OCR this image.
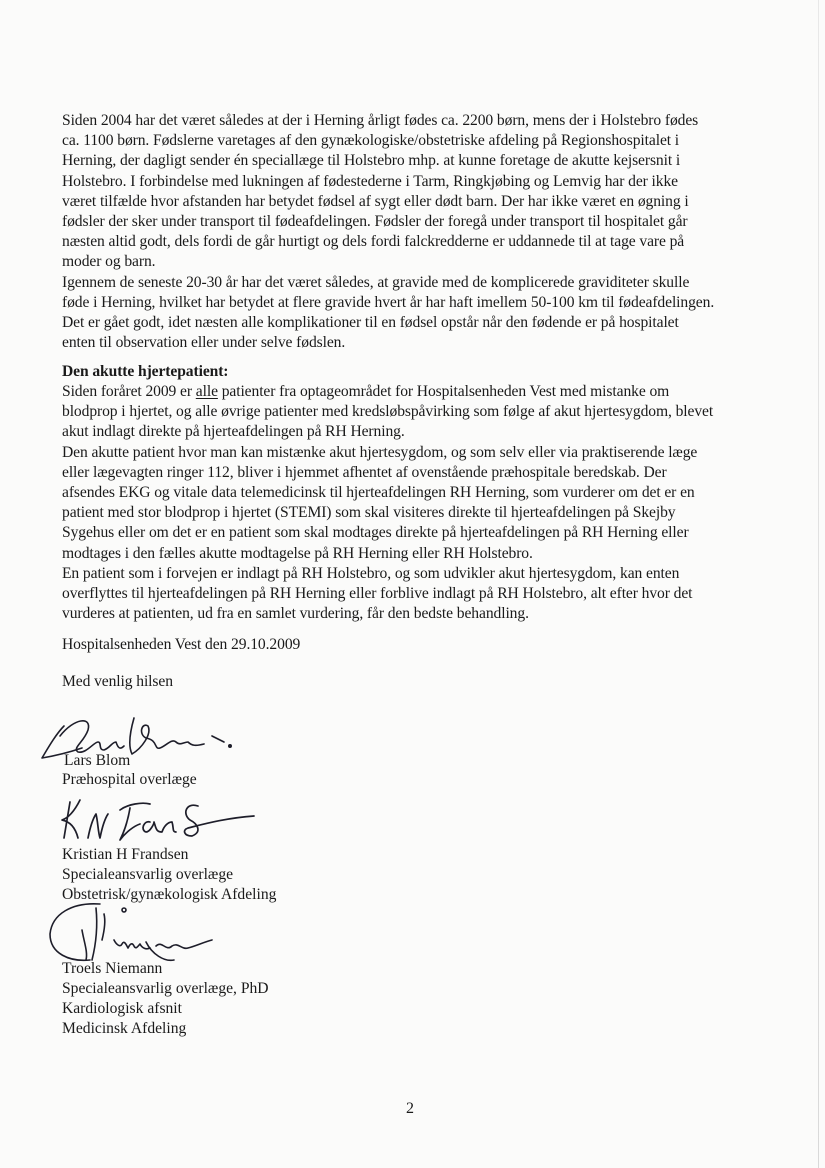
Siden 2004 har det været således at der i Herning årligt fødes ca. 2200 børn, mens der i Holstebro fødes
ca. 1100 børn. Fødslerne varetages af den gynækologiske/obstetriske afdeling på Regionshospitalet i
Herning, der dagligt sender én speciallæge til Holstebro mhp. at kunne foretage de akutte kejsersnit i
Holstebro. I forbindelse med lukningen af fødestederne i Tarm, Ringkjøbing og Lemvig har der ikke
været tilfælde hvor afstanden har betydet fødsel af sygt eller dødt barn. Der har ikke været en øgning i
fødsler der sker under transport til fødeafdelingen. Fødsler der foregå under transport til hospitalet går
næsten altid godt, dels fordi de går hurtigt og dels fordi falckredderne er uddannede til at tage vare på
moder og barn.
Igennem de seneste 20-30 år har det været således, at gravide med de komplicerede graviditeter skulle
føde i Herning, hvilket har betydet at flere gravide hvert år har haft imellem 50-100 km til fødeafdelingen.
Det er gået godt, idet næsten alle komplikationer til en fødsel opstår når den fødende er på hospitalet
enten til observation eller under selve fødslen.
Den akutte hjertepatient:
Siden foråret 2009 er alle patienter fra optageområdet for Hospitalsenheden Vest med mistanke om
blodprop i hjertet, og alle øvrige patienter med kredsløbspåvirking som følge af akut hjertesygdom, blevet
akut indlagt direkte på hjerteafdelingen på RH Herning.
Den akutte patient hvor man kan mistænke akut hjertesygdom, og som selv eller via praktiserende læge
eller lægevagten ringer 112, bliver i hjemmet afhentet af ovenstående præhospitale beredskab. Der
afsendes EKG og vitale data telemedicinsk til hjerteafdelingen RH Herning, som vurderer om det er en
patient med stor blodprop i hjertet (STEMI) som skal visiteres direkte til hjerteafdelingen på Skejby
Sygehus eller om det er en patient som skal modtages direkte på hjerteafdelingen på RH Herning eller
modtages i den fælles akutte modtagelse på RH Herning eller RH Holstebro.
En patient som i forvejen er indlagt på RH Holstebro, og som udvikler akut hjertesygdom, kan enten
overflyttes til hjerteafdelingen på RH Herning eller forblive indlagt på RH Holstebro, alt efter hvor det
vurderes at patienten, ud fra en samlet vurdering, får den bedste behandling.
Hospitalsenheden Vest den 29.10.2009
Med venlig hilsen
Lars Blom
Præhospital overlæge
Kristian H Frandsen
Specialeansvarlig overlæge
Obstetrisk/gynækologisk Afdeling
Troels Niemann
Specialeansvarlig overlæge, PhD
Kardiologisk afsnit
Medicinsk Afdeling
2
